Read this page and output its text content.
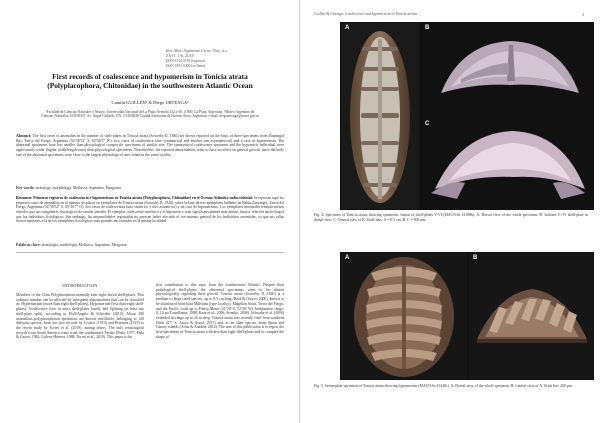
Rev. Mus. Argentino Cienc. Nat., n.s.
21(1): 1-6, 2019
ISSN 1514-5158 (impresa)
ISSN 1853-0400 (en línea)
First records of coalescence and hypomerism in Tonicia atrata
(Polyplacophora, Chitonidae) in the southwestern Atlantic Ocean
Camila GUILLÉN¹ & Diego URTEAGA²
¹Facultad de Ciencias Naturales y Museo, Universidad Nacional de La Plata, Avenida 122 y 60, (1900) La Plata, Argentina. ²Museo Argentino de Ciencias Naturales, CONICET, Av. Ángel Gallardo 470, C1405DJR Ciudad Autónoma de Buenos Aires, Argentina; e-mail: diegourteaga@macn.gov.ar
Abstract: The first cases of anomalies in the number of shell-plates in Tonicia atrata (Sowerby II, 1840) are herein reported on the basis of three specimens from Zanzíngol Bay, Tierra del Fuego, Argentina (54°56'52" S, 65°26'7" W): two cases of coalescence (one symmetrical and another one asymmetrical) and a case of hypomerism. The abnormal specimens bore less smaller than physiological conspecific specimens of similar size. The symmetrical coalescence specimen and the hypomeric individual were significantly wider (higher width/length ratio) than physiological specimens. Nevertheless, the reported abnormalities seem to have no effect on general growth, since the body size of the abnormal specimens were close to the largest physiological ones found in the same locality.
Key words: teratology, morphology, Mollusca, Argentina, Patagonia.
Resumen: Primeros registros de coalescencia e hipomerismo en Tonicia atrata (Polyplacophora, Chitonidae) en el Océano Atlántico sudoccidental. Se reportan aquí los primeros casos de anomalías en el número de placas en ejemplares de Tonicia atrata (Sowerby II, 1840), sobre la base de tres ejemplares hallados en Bahía Zanzíngol, Tierra del Fuego, Argentina (54°56'52" S, 65°26'7" O): dos casos de coalescencia (uno simétrico y otro asimétrico) y un caso de hipomerismo. Los ejemplares anormales resultan menos viscidos que sus congéneres fisiológicos de similar tamaño. El ejemplar coalescente simétrico y el hipomérico eran significativamente más anchos (mayor relación ancho/largo) que los individuos fisiológicos. Sin embargo, las anormalidades registradas no parecen haber afectado el crecimiento general de los individuos anormales, ya que sus tallas fueron similares a la de los ejemplares fisiológicos más grandes encontrados en la misma localidad.
Palabras clave: teratología, morfología, Mollusca, Argentina, Patagonia.
INTRODUCTION
Members of the Class Polyplacophora normally bear eight dorsal shell-plates. This ordinary number can be affected by infrequent abnormalities that can be classified as: Hypermerism (more than eight shell-plates), Hypomerism (less than eight shell-plates), Coalescence (two or more shell-plates fused), and Splitting (at least one shell-plate split), according to Hoff/Angelo & Schwabe (2010). About 380 anomalous polyplacophoran specimens are known worldwide, belonging to 120 different species, from the first records by Crozier (1919) and Peterson (1919) to the recent study by Torres et al. (2019), among others. The only teratological records from South America come from the southeastern Pacific (Peña, 1977; Peña & Castro, 1982; Gálvez-Herrera, 1988; Torres et al., 2019). This paper is the
first contribution to this topic from the southwestern Atlantic. Despite their pathological shell-plates, the abnormal specimens seem to be almost physiologically regarding their growth. Tonicia atrata (Sowerby II, 1840) is a medium to large sized species, up to 8.5 cm long (Reid & Osorio, 2000), known to be distributed from Islas Malvinas (type locality), Magellan Strait, Tierra del Fuego, and the Pacific coast up to Puerto Montt (41°28' S, 72°56' W), bathymetric range: 0–10 m (Castellanos, 1988; Kaas et al., 2006; Sirenko, 2006). Schwabe et al. (2006) extended its range up to 26 m deep. Tonicia atrata was recently cited from southern Chile (27° S; Araya & Araya, 2015) and, as an alien species, from Spain and Canary islands (Arias & Anadón, 2012). The aim of this publication is to report the first specimens of Tonicia atrata with less than eight shell-plates and to compare the shape of
Guillén & Urteaga: Coalescence and hypomerism in Tonicia atrata	3
A	B
C
Fig. 4. Specimen of Tonicia atrata showing symmetric fusion of shell-plates V-VI (MACN-In 41398b). A: Dorsal view of the whole specimen. B: Isolated V+VI shell-plate in dorsal view. C: Ventral view of B. Scale bars: A = 0.5 cm, B, C = 500 µm.
A	B
Fig. 5. Seven-plate specimen of Tonicia atrata showing hypomerism (MACN-In 41348c). A: Dorsal view of the whole specimen. B: Lateral view of A. Scale bar: 200 µm.
